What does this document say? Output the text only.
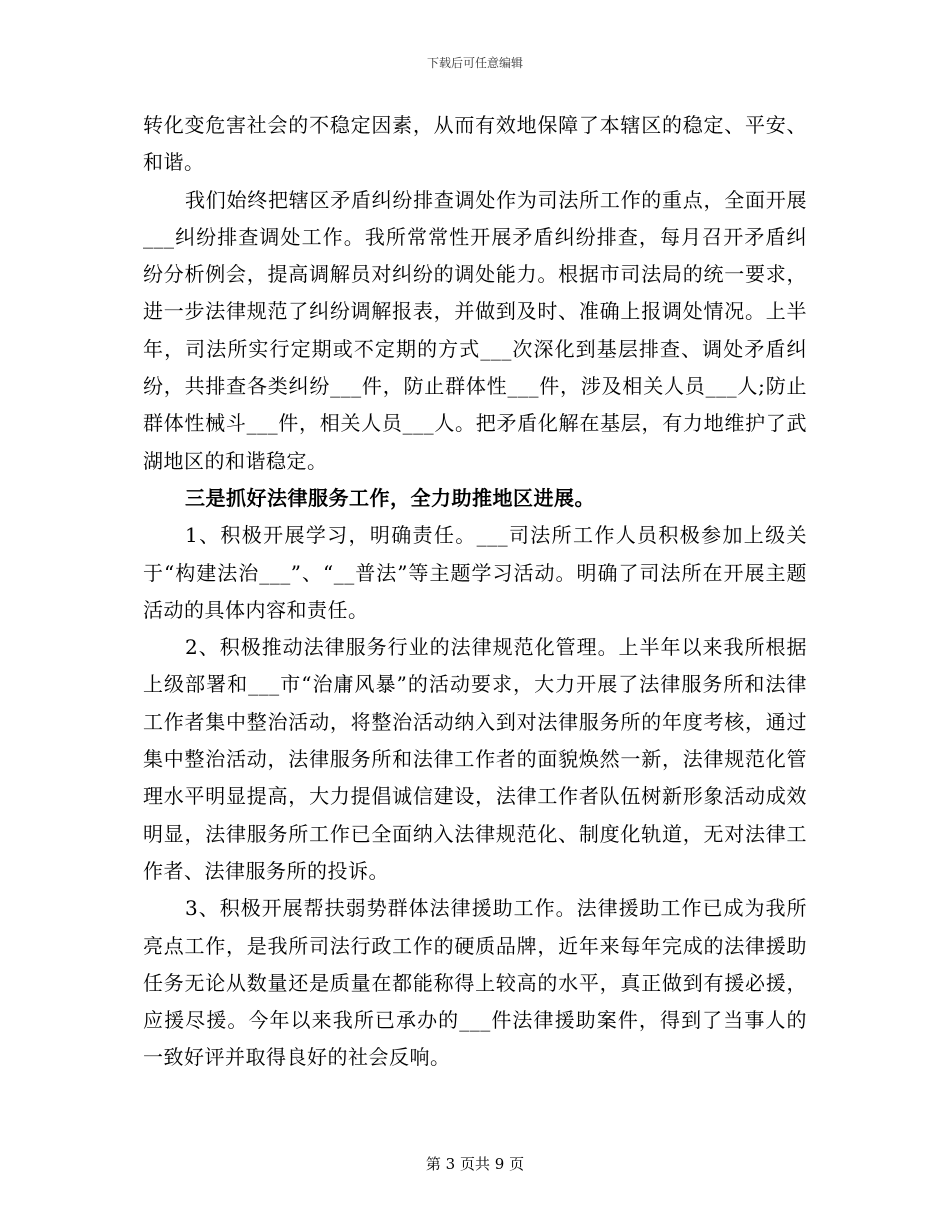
下载后可任意编辑

转化变危害社会的不稳定因素，从而有效地保障了本辖区的稳定、平安、和谐。

我们始终把辖区矛盾纠纷排查调处作为司法所工作的重点，全面开展___纠纷排查调处工作。我所常常性开展矛盾纠纷排查，每月召开矛盾纠纷分析例会，提高调解员对纠纷的调处能力。根据市司法局的统一要求，进一步法律规范了纠纷调解报表，并做到及时、准确上报调处情况。上半年，司法所实行定期或不定期的方式___次深化到基层排查、调处矛盾纠纷，共排查各类纠纷___件，防止群体性___件，涉及相关人员___人;防止群体性械斗___件，相关人员___人。把矛盾化解在基层，有力地维护了武湖地区的和谐稳定。

三是抓好法律服务工作，全力助推地区进展。

1、积极开展学习，明确责任。___司法所工作人员积极参加上级关于“构建法治___”、“__普法”等主题学习活动。明确了司法所在开展主题活动的具体内容和责任。

2、积极推动法律服务行业的法律规范化管理。上半年以来我所根据上级部署和___市“治庸风暴”的活动要求，大力开展了法律服务所和法律工作者集中整治活动，将整治活动纳入到对法律服务所的年度考核，通过集中整治活动，法律服务所和法律工作者的面貌焕然一新，法律规范化管理水平明显提高，大力提倡诚信建设，法律工作者队伍树新形象活动成效明显，法律服务所工作已全面纳入法律规范化、制度化轨道，无对法律工作者、法律服务所的投诉。

3、积极开展帮扶弱势群体法律援助工作。法律援助工作已成为我所亮点工作，是我所司法行政工作的硬质品牌，近年来每年完成的法律援助任务无论从数量还是质量在都能称得上较高的水平，真正做到有援必援，应援尽援。今年以来我所已承办的___件法律援助案件，得到了当事人的一致好评并取得良好的社会反响。

第 3 页共 9 页
